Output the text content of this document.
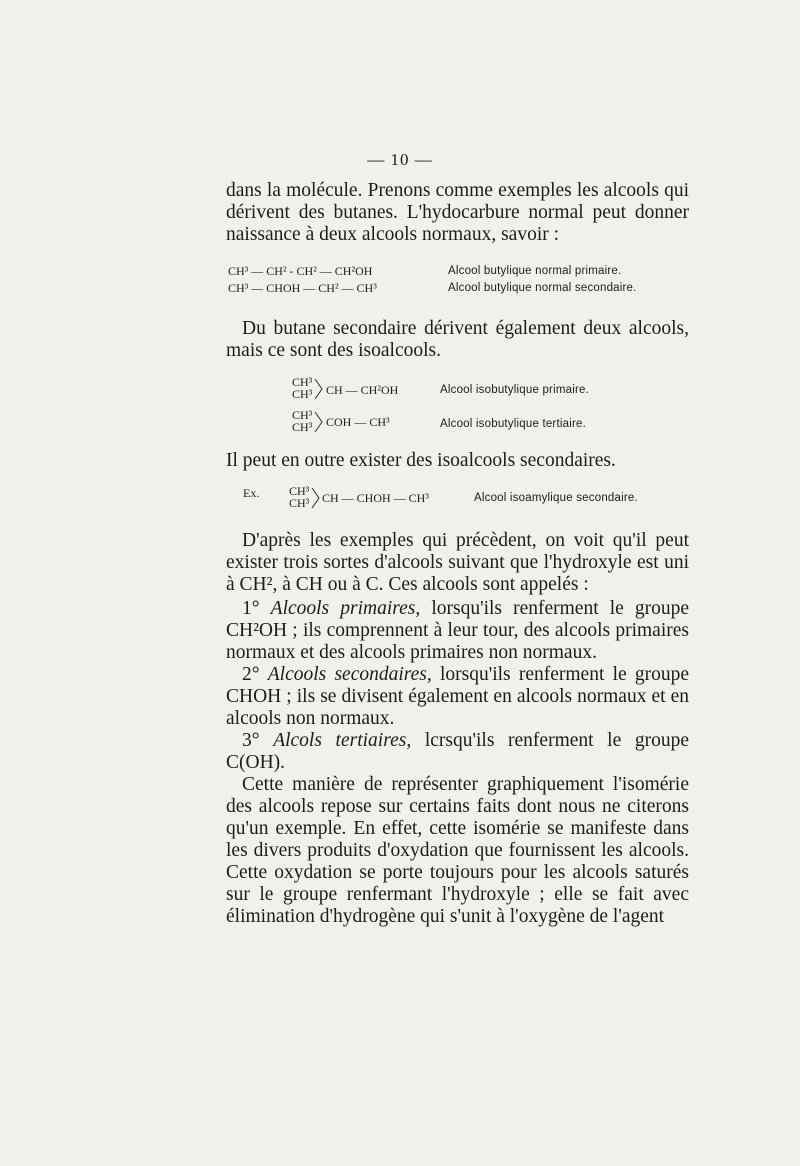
— 10 —

dans la molécule. Prenons comme exemples les alcools qui dérivent des butanes. L'hydocarbure normal peut donner naissance à deux alcools normaux, savoir :

CH³ — CH² - CH² — CH²OH	Alcool butylique normal primaire.
CH³ — CHOH — CH² — CH³	Alcool butylique normal secondaire.

Du butane secondaire dérivent également deux alcools, mais ce sont des isoalcools.

CH³
CH³ CH — CH²OH	Alcool isobutylique primaire.
CH³
CH³ COH — CH³	Alcool isobutylique tertiaire.

Il peut en outre exister des isoalcools secondaires.

Ex. CH³
CH³ CH — CHOH — CH³	Alcool isoamylique secondaire.

D'après les exemples qui précèdent, on voit qu'il peut exister trois sortes d'alcools suivant que l'hydroxyle est uni à CH², à CH ou à C. Ces alcools sont appelés :

1° Alcools primaires, lorsqu'ils renferment le groupe CH²OH ; ils comprennent à leur tour, des alcools primaires normaux et des alcools primaires non normaux.

2° Alcools secondaires, lorsqu'ils renferment le groupe CHOH ; ils se divisent également en alcools normaux et en alcools non normaux.

3° Alcols tertiaires, lcrsqu'ils renferment le groupe C(OH).

Cette manière de représenter graphiquement l'isomérie des alcools repose sur certains faits dont nous ne citerons qu'un exemple. En effet, cette isomérie se manifeste dans les divers produits d'oxydation que fournissent les alcools. Cette oxydation se porte toujours pour les alcools saturés sur le groupe renfermant l'hydroxyle ; elle se fait avec élimination d'hydrogène qui s'unit à l'oxygène de l'agent
